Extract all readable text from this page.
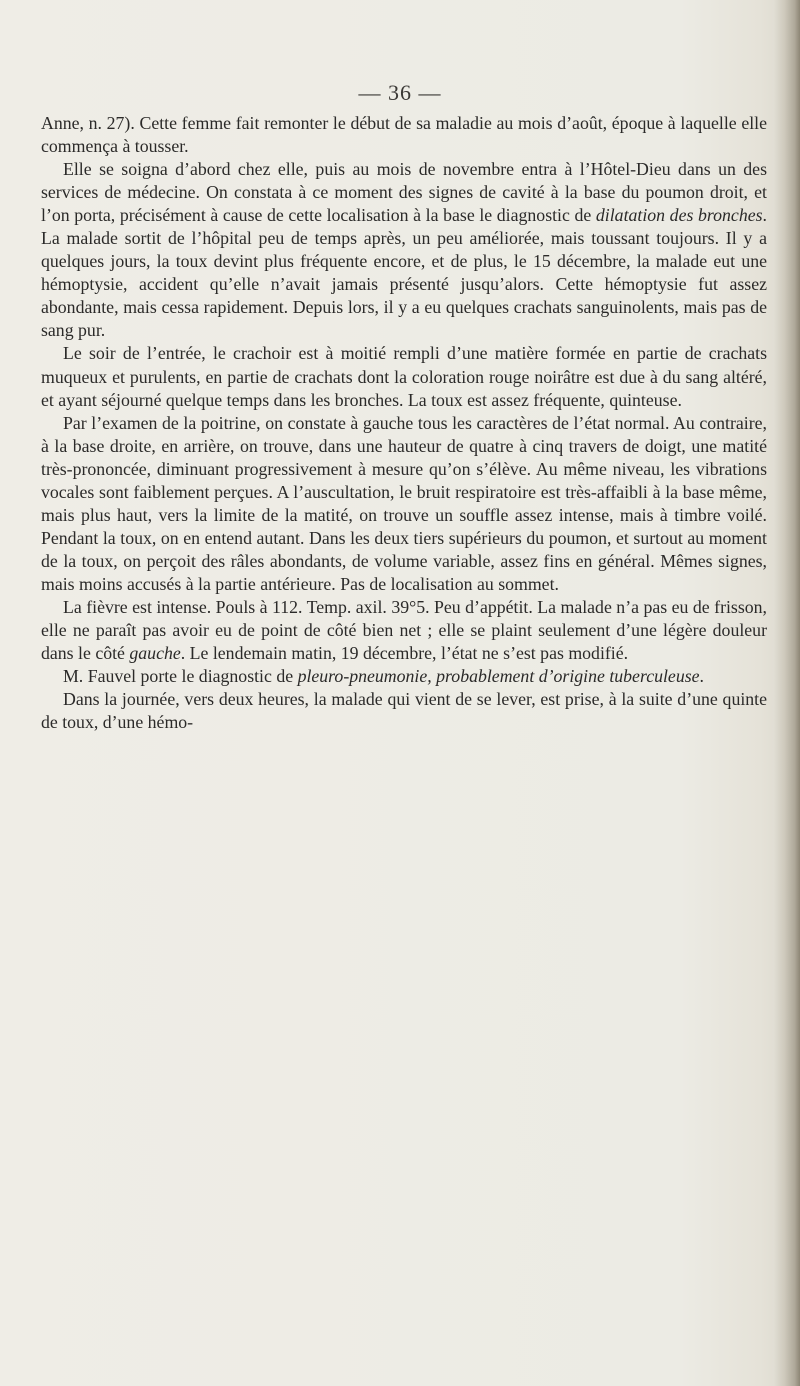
— 36 —

Anne, n. 27). Cette femme fait remonter le début de sa maladie au mois d’août, époque à laquelle elle commença à tousser.

Elle se soigna d’abord chez elle, puis au mois de novembre entra à l’Hôtel-Dieu dans un des services de médecine. On constata à ce moment des signes de cavité à la base du poumon droit, et l’on porta, précisément à cause de cette localisation à la base le diagnostic de dilatation des bronches. La malade sortit de l’hôpital peu de temps après, un peu améliorée, mais toussant toujours. Il y a quelques jours, la toux devint plus fréquente encore, et de plus, le 15 décembre, la malade eut une hémoptysie, accident qu’elle n’avait jamais présenté jusqu’alors. Cette hémoptysie fut assez abondante, mais cessa rapidement. Depuis lors, il y a eu quelques crachats sanguinolents, mais pas de sang pur.

Le soir de l’entrée, le crachoir est à moitié rempli d’une matière formée en partie de crachats muqueux et purulents, en partie de crachats dont la coloration rouge noirâtre est due à du sang altéré, et ayant séjourné quelque temps dans les bronches. La toux est assez fréquente, quinteuse.

Par l’examen de la poitrine, on constate à gauche tous les caractères de l’état normal. Au contraire, à la base droite, en arrière, on trouve, dans une hauteur de quatre à cinq travers de doigt, une matité très-prononcée, diminuant progressivement à mesure qu’on s’élève. Au même niveau, les vibrations vocales sont faiblement perçues. A l’auscultation, le bruit respiratoire est très-affaibli à la base même, mais plus haut, vers la limite de la matité, on trouve un souffle assez intense, mais à timbre voilé. Pendant la toux, on en entend autant. Dans les deux tiers supérieurs du poumon, et surtout au moment de la toux, on perçoit des râles abondants, de volume variable, assez fins en général. Mêmes signes, mais moins accusés à la partie antérieure. Pas de localisation au sommet.

La fièvre est intense. Pouls à 112. Temp. axil. 39°5. Peu d’appétit. La malade n’a pas eu de frisson, elle ne paraît pas avoir eu de point de côté bien net ; elle se plaint seulement d’une légère douleur dans le côté gauche. Le lendemain matin, 19 décembre, l’état ne s’est pas modifié.

M. Fauvel porte le diagnostic de pleuro-pneumonie, probablement d’origine tuberculeuse.

Dans la journée, vers deux heures, la malade qui vient de se lever, est prise, à la suite d’une quinte de toux, d’une hémo-
